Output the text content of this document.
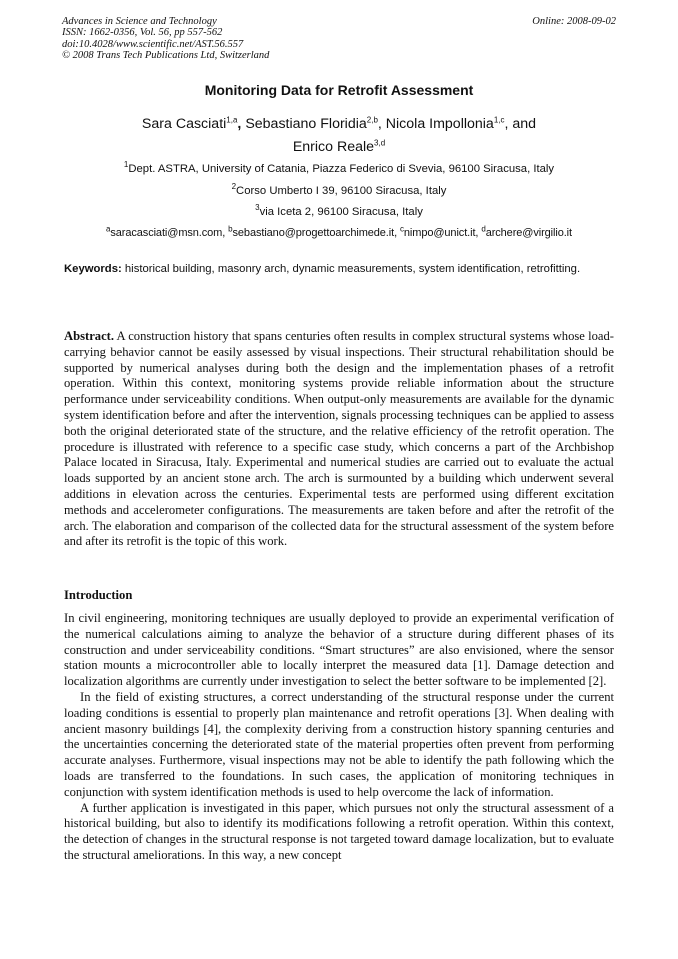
Advances in Science and Technology
ISSN: 1662-0356, Vol. 56, pp 557-562
doi:10.4028/www.scientific.net/AST.56.557
© 2008 Trans Tech Publications Ltd, Switzerland
Online: 2008-09-02
Monitoring Data for Retrofit Assessment
Sara Casciati$^{1,a}$, Sebastiano Floridia$^{2,b}$, Nicola Impollonia$^{1,c}$, and
Enrico Reale$^{3,d}$
$^1$Dept. ASTRA, University of Catania, Piazza Federico di Svevia, 96100 Siracusa, Italy
$^2$Corso Umberto I 39, 96100 Siracusa, Italy
$^3$via Iceta 2, 96100 Siracusa, Italy
$^a$saracasciati@msn.com, $^b$sebastiano@progettoarchimede.it, $^c$nimpo@unict.it, $^d$archere@virgilio.it
Keywords: historical building, masonry arch, dynamic measurements, system identification, retrofitting.

Abstract. A construction history that spans centuries often results in complex structural systems whose load-carrying behavior cannot be easily assessed by visual inspections. Their structural rehabilitation should be supported by numerical analyses during both the design and the implementation phases of a retrofit operation. Within this context, monitoring systems provide reliable information about the structure performance under serviceability conditions. When output-only measurements are available for the dynamic system identification before and after the intervention, signals processing techniques can be applied to assess both the original deteriorated state of the structure, and the relative efficiency of the retrofit operation. The procedure is illustrated with reference to a specific case study, which concerns a part of the Archbishop Palace located in Siracusa, Italy. Experimental and numerical studies are carried out to evaluate the actual loads supported by an ancient stone arch. The arch is surmounted by a building which underwent several additions in elevation across the centuries. Experimental tests are performed using different excitation methods and accelerometer configurations. The measurements are taken before and after the retrofit of the arch. The elaboration and comparison of the collected data for the structural assessment of the system before and after its retrofit is the topic of this work.

Introduction

In civil engineering, monitoring techniques are usually deployed to provide an experimental verification of the numerical calculations aiming to analyze the behavior of a structure during different phases of its construction and under serviceability conditions. “Smart structures” are also envisioned, where the sensor station mounts a microcontroller able to locally interpret the measured data [1]. Damage detection and localization algorithms are currently under investigation to select the better software to be implemented [2].

In the field of existing structures, a correct understanding of the structural response under the current loading conditions is essential to properly plan maintenance and retrofit operations [3]. When dealing with ancient masonry buildings [4], the complexity deriving from a construction history spanning centuries and the uncertainties concerning the deteriorated state of the material properties often prevent from performing accurate analyses. Furthermore, visual inspections may not be able to identify the path following which the loads are transferred to the foundations. In such cases, the application of monitoring techniques in conjunction with system identification methods is used to help overcome the lack of information.

A further application is investigated in this paper, which pursues not only the structural assessment of a historical building, but also to identify its modifications following a retrofit operation. Within this context, the detection of changes in the structural response is not targeted toward damage localization, but to evaluate the structural ameliorations. In this way, a new concept
